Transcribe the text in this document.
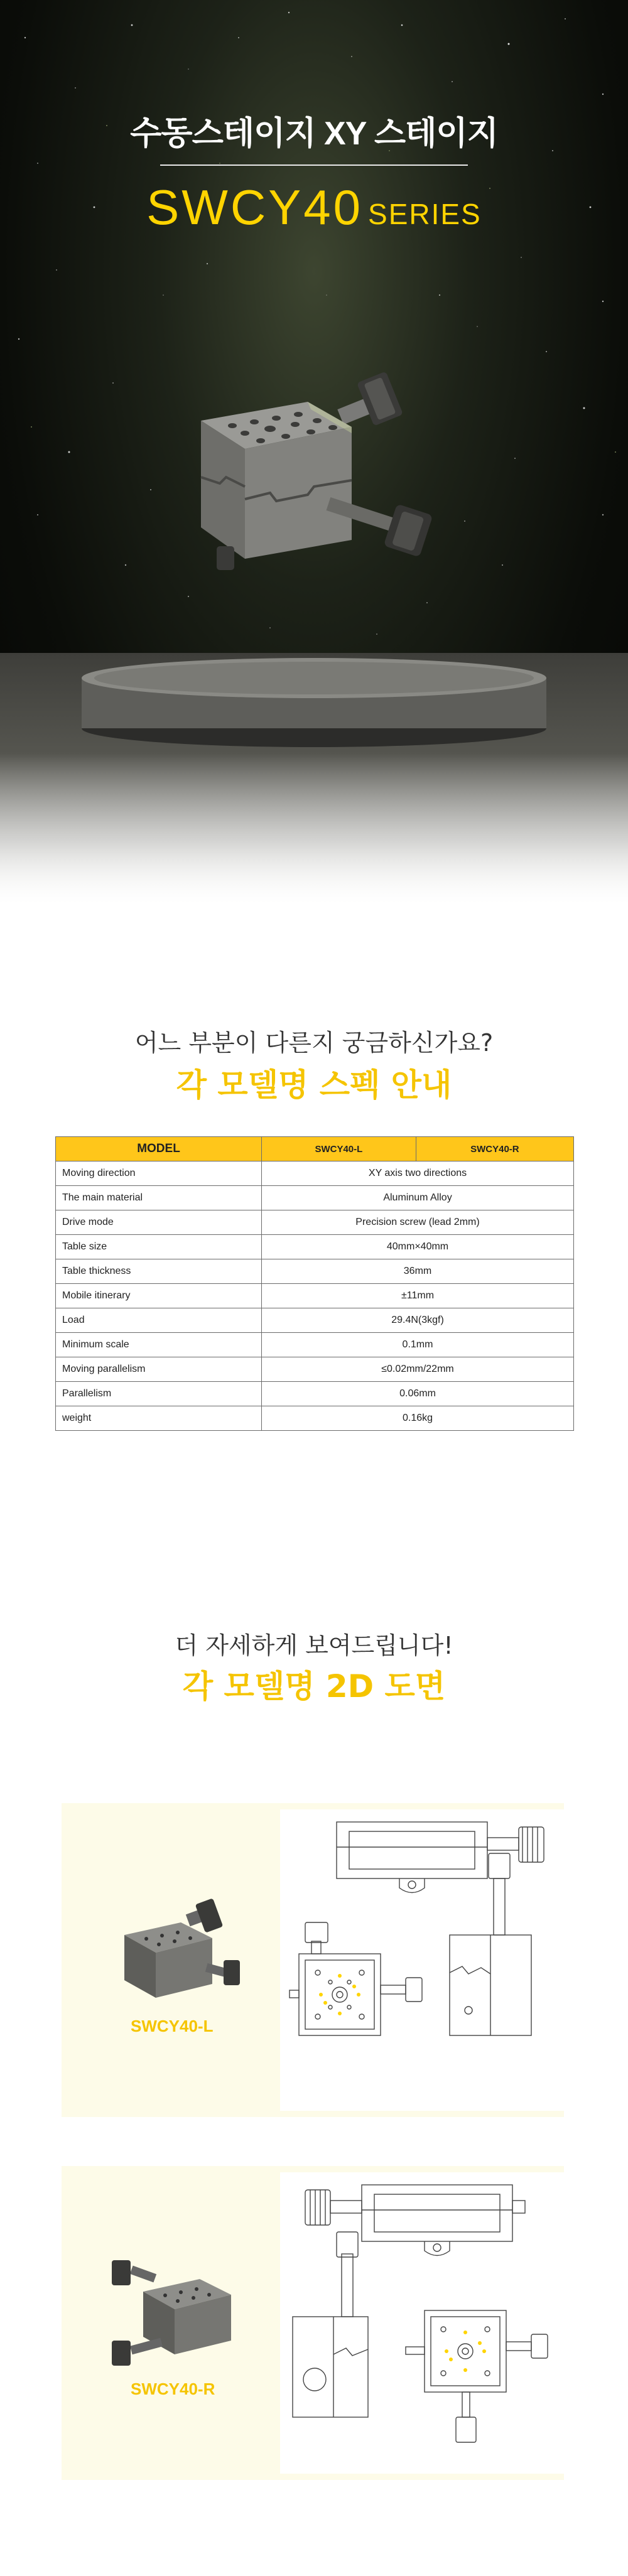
수동스테이지 XY 스테이지
SWCY40 SERIES
어느 부분이 다른지 궁금하신가요?
각 모델명 스펙 안내
MODEL	SWCY40-L	SWCY40-R
Moving direction	XY axis two directions	
The main material	Aluminum Alloy	
Drive mode	Precision screw (lead 2mm)	
Table size	40mm×40mm	
Table thickness	36mm	
Mobile itinerary	±11mm	
Load	29.4N(3kgf)	
Minimum scale	0.1mm	
Moving parallelism	≤0.02mm/22mm	
Parallelism	0.06mm	
weight	0.16kg	
더 자세하게 보여드립니다!
각 모델명 2D 도면
SWCY40-L
SWCY40-R
